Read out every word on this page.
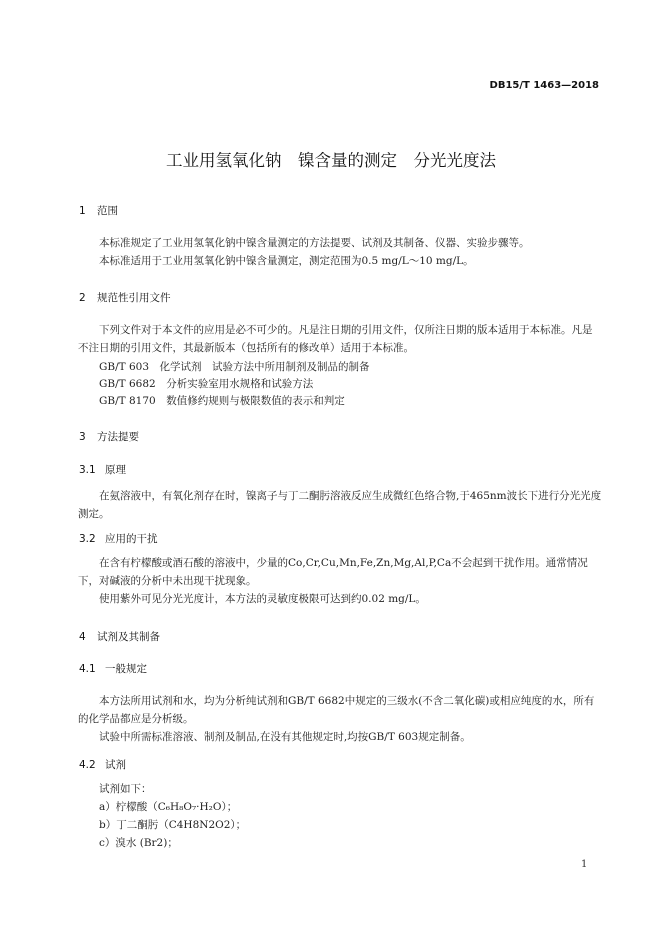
DB15/T 1463—2018
工业用氢氧化钠　镍含量的测定　分光光度法
1 范围
本标准规定了工业用氢氧化钠中镍含量测定的方法提要、试剂及其制备、仪器、实验步骤等。
本标准适用于工业用氢氧化钠中镍含量测定，测定范围为0.5 mg/L～10 mg/L。
2 规范性引用文件
下列文件对于本文件的应用是必不可少的。凡是注日期的引用文件，仅所注日期的版本适用于本标准。凡是不注日期的引用文件，其最新版本（包括所有的修改单）适用于本标准。
GB/T 603　化学试剂　试验方法中所用制剂及制品的制备
GB/T 6682　分析实验室用水规格和试验方法
GB/T 8170　数值修约规则与极限数值的表示和判定
3 方法提要
3.1 原理
在氨溶液中，有氧化剂存在时，镍离子与丁二酮肟溶液反应生成微红色络合物,于465nm波长下进行分光光度测定。
3.2 应用的干扰
在含有柠檬酸或酒石酸的溶液中，少量的Co,Cr,Cu,Mn,Fe,Zn,Mg,Al,P,Ca不会起到干扰作用。通常情况下，对碱液的分析中未出现干扰现象。
使用紫外可见分光光度计，本方法的灵敏度极限可达到约0.02 mg/L。
4 试剂及其制备
4.1 一般规定
本方法所用试剂和水，均为分析纯试剂和GB/T 6682中规定的三级水(不含二氧化碳)或相应纯度的水，所有的化学品都应是分析级。
试验中所需标准溶液、制剂及制品,在没有其他规定时,均按GB/T 603规定制备。
4.2 试剂
试剂如下：
a）柠檬酸（C₆H₈O₇·H₂O）；
b）丁二酮肟（C4H8N2O2）；
c）溴水 (Br2)；
1
